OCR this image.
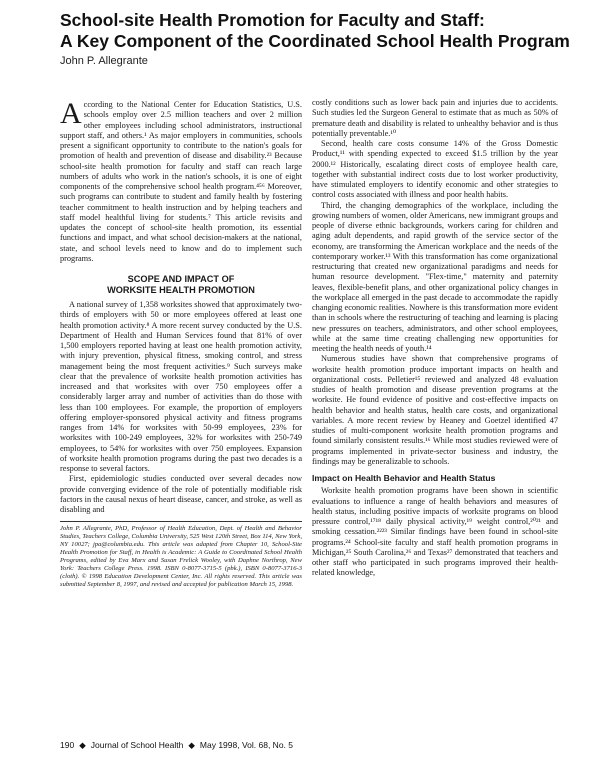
School-site Health Promotion for Faculty and Staff:
A Key Component of the Coordinated School Health Program
John P. Allegrante

According to the National Center for Education Statistics, U.S. schools employ over 2.5 million teachers and over 2 million other employees including school administrators, instructional support staff, and others.¹ As major employers in communities, schools present a significant opportunity to contribute to the nation's goals for promotion of health and prevention of disease and disability.²³ Because school-site health promotion for faculty and staff can reach large numbers of adults who work in the nation's schools, it is one of eight components of the comprehensive school health program.⁴⁵⁶ Moreover, such programs can contribute to student and family health by fostering teacher commitment to health instruction and by helping teachers and staff model healthful living for students.⁷ This article revisits and updates the concept of school-site health promotion, its essential functions and impact, and what school decision-makers at the national, state, and school levels need to know and do to implement such programs.

SCOPE AND IMPACT OF
WORKSITE HEALTH PROMOTION

A national survey of 1,358 worksites showed that approximately two-thirds of employers with 50 or more employees offered at least one health promotion activity.⁸ A more recent survey conducted by the U.S. Department of Health and Human Services found that 81% of over 1,500 employers reported having at least one health promotion activity, with injury prevention, physical fitness, smoking control, and stress management being the most frequent activities.⁹ Such surveys make clear that the prevalence of worksite health promotion activities has increased and that worksites with over 750 employees offer a considerably larger array and number of activities than do those with less than 100 employees. For example, the proportion of employers offering employer-sponsored physical activity and fitness programs ranges from 14% for worksites with 50-99 employees, 23% for worksites with 100-249 employees, 32% for worksites with 250-749 employees, to 54% for worksites with over 750 employees. Expansion of worksite health promotion programs during the past two decades is a response to several factors.

First, epidemiologic studies conducted over several decades now provide converging evidence of the role of potentially modifiable risk factors in the causal nexus of heart disease, cancer, and stroke, as well as disabling and

John P. Allegrante, PhD, Professor of Health Education, Dept. of Health and Behavior Studies, Teachers College, Columbia University, 525 West 120th Street, Box 114, New York, NY 10027; jpa@columbia.edu. This article was adapted from Chapter 10, School-Site Health Promotion for Staff, in Health is Academic: A Guide to Coordinated School Health Programs, edited by Eva Marx and Susan Frelick Wooley, with Daphne Northrop, New York: Teachers College Press. 1998. ISBN 0-8077-3715-5 (pbk.), ISBN 0-8077-3716-3 (cloth). © 1998 Education Development Center, Inc. All rights reserved. This article was submitted September 8, 1997, and revised and accepted for publication March 15, 1998.

costly conditions such as lower back pain and injuries due to accidents. Such studies led the Surgeon General to estimate that as much as 50% of premature death and disability is related to unhealthy behavior and is thus potentially preventable.¹⁰

Second, health care costs consume 14% of the Gross Domestic Product,¹¹ with spending expected to exceed $1.5 trillion by the year 2000.¹² Historically, escalating direct costs of employee health care, together with substantial indirect costs due to lost worker productivity, have stimulated employers to identify economic and other strategies to control costs associated with illness and poor health habits.

Third, the changing demographics of the workplace, including the growing numbers of women, older Americans, new immigrant groups and people of diverse ethnic backgrounds, workers caring for children and aging adult dependents, and rapid growth of the service sector of the economy, are transforming the American workplace and the needs of the contemporary worker.¹³ With this transformation has come organizational restructuring that created new organizational paradigms and needs for human resource development. "Flex-time," maternity and paternity leaves, flexible-benefit plans, and other organizational policy changes in the workplace all emerged in the past decade to accommodate the rapidly changing economic realities. Nowhere is this transformation more evident than in schools where the restructuring of teaching and learning is placing new pressures on teachers, administrators, and other school employees, while at the same time creating challenging new opportunities for meeting the health needs of youth.¹⁴

Numerous studies have shown that comprehensive programs of worksite health promotion produce important impacts on health and organizational costs. Pelletier¹⁵ reviewed and analyzed 48 evaluation studies of health promotion and disease prevention programs at the worksite. He found evidence of positive and cost-effective impacts on health behavior and health status, health care costs, and organizational variables. A more recent review by Heaney and Goetzel identified 47 studies of multi-component worksite health promotion programs and found similarly consistent results.¹⁶ While most studies reviewed were of programs implemented in private-sector business and industry, the findings may be generalizable to schools.

Impact on Health Behavior and Health Status

Worksite health promotion programs have been shown in scientific evaluations to influence a range of health behaviors and measures of health status, including positive impacts of worksite programs on blood pressure control,¹⁷¹⁸ daily physical activity,¹⁹ weight control,²⁰²¹ and smoking cessation.²²²³ Similar findings have been found in school-site programs.²⁴ School-site faculty and staff health promotion programs in Michigan,²⁵ South Carolina,²⁶ and Texas²⁷ demonstrated that teachers and other staff who participated in such programs improved their health-related knowledge,

190 ◆ Journal of School Health ◆ May 1998, Vol. 68, No. 5
